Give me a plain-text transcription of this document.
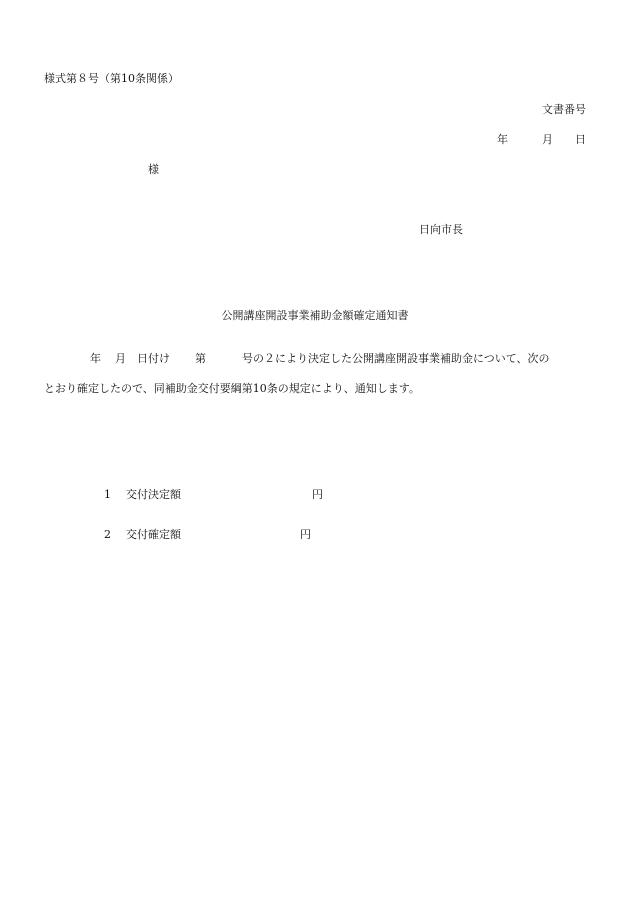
様式第８号（第10条関係）
文書番号
年	月 日
様
日向市長
公開講座開設事業補助金額確定通知書
年 月 日付け 第	号の２により決定した公開講座開設事業補助金について、次の
とおり確定したので、同補助金交付要綱第10条の規定により、通知します。
1 交付決定額	円
2 交付確定額	円
